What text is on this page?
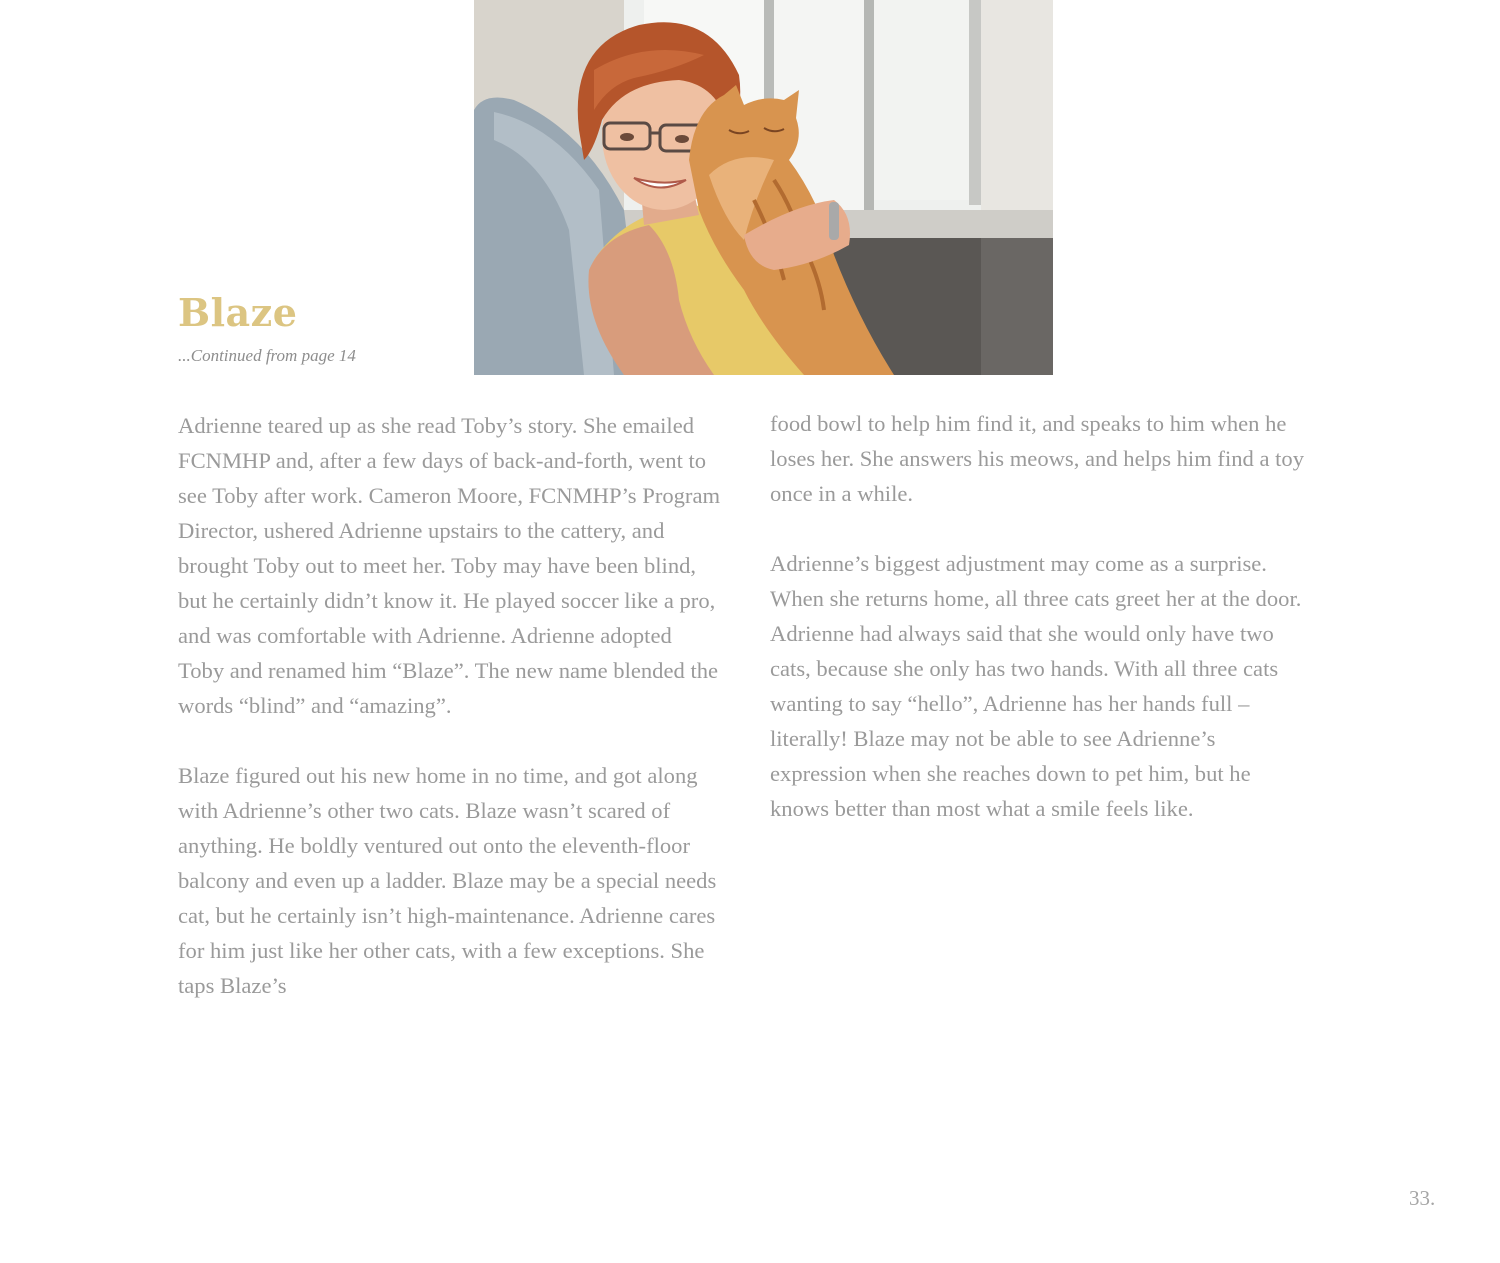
Blaze
...Continued from page 14

Adrienne teared up as she read Toby’s story. She emailed FCNMHP and, after a few days of back-and-forth, went to see Toby after work. Cameron Moore, FCNMHP’s Program Director, ushered Adrienne upstairs to the cattery, and brought Toby out to meet her. Toby may have been blind, but he certainly didn’t know it. He played soccer like a pro, and was comfortable with Adrienne. Adrienne adopted Toby and renamed him “Blaze”. The new name blended the words “blind” and “amazing”.

Blaze figured out his new home in no time, and got along with Adrienne’s other two cats. Blaze wasn’t scared of anything. He boldly ventured out onto the eleventh-floor balcony and even up a ladder. Blaze may be a special needs cat, but he certainly isn’t high-maintenance. Adrienne cares for him just like her other cats, with a few exceptions. She taps Blaze’s

food bowl to help him find it, and speaks to him when he loses her. She answers his meows, and helps him find a toy once in a while.

Adrienne’s biggest adjustment may come as a surprise. When she returns home, all three cats greet her at the door. Adrienne had always said that she would only have two cats, because she only has two hands. With all three cats wanting to say “hello”, Adrienne has her hands full – literally! Blaze may not be able to see Adrienne’s expression when she reaches down to pet him, but he knows better than most what a smile feels like.

33.
